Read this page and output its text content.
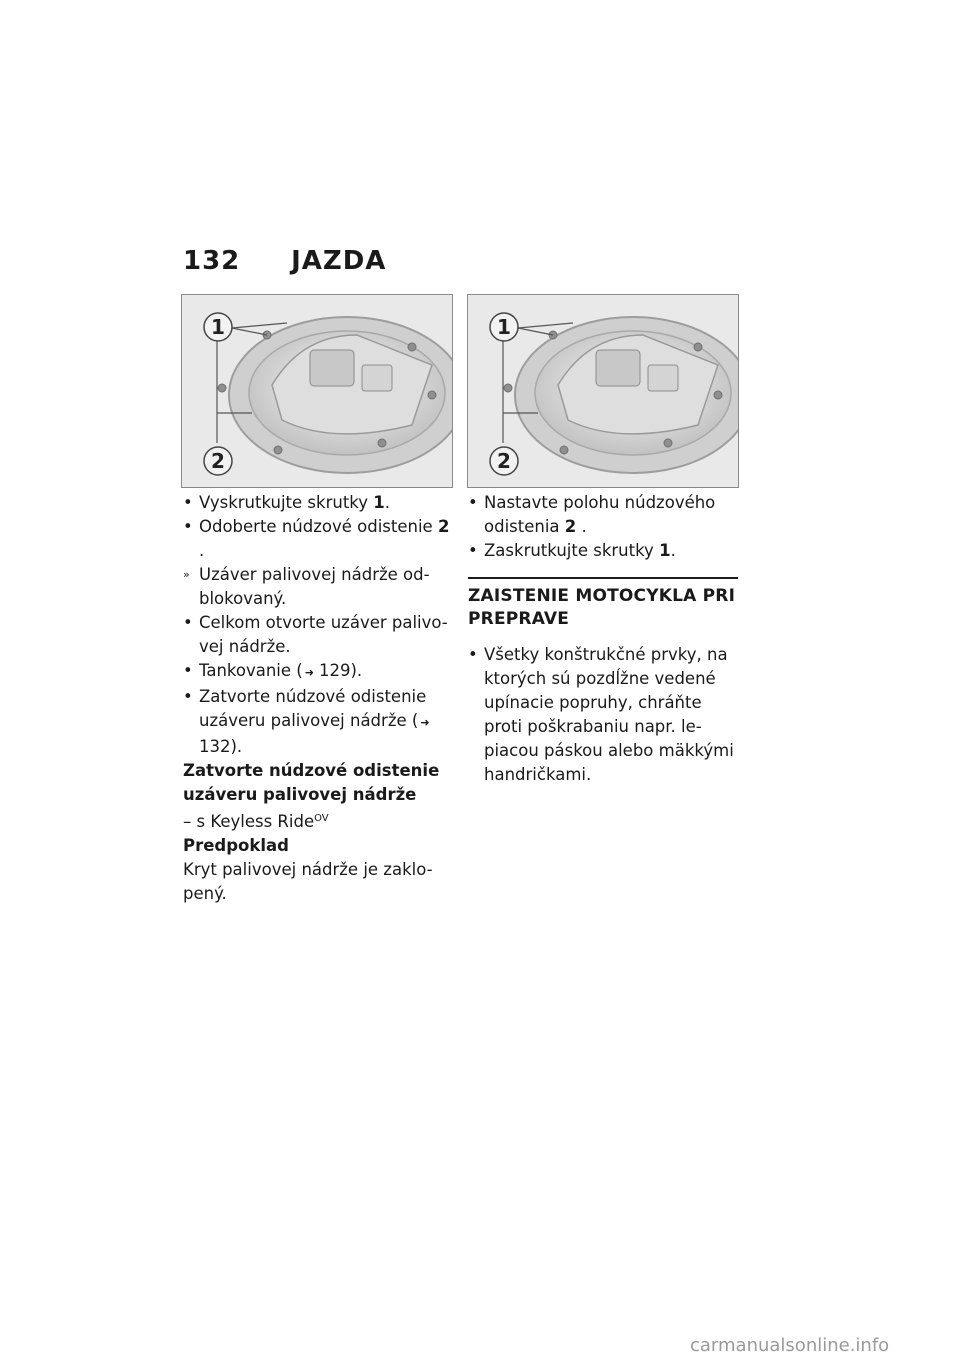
132 JAZDA
1
2
1
2

• Vyskrutkujte skrutky 1.

• Odoberte núdzové odistenie 2
.

» Uzáver palivovej nádrže od-blokovaný.

• Celkom otvorte uzáver palivo-vej nádrže.

• Tankovanie ( ➜ 129).

• Zatvorte núdzové odistenie uzáveru palivovej nádrže ( ➜132).

Zatvorte núdzové odistenie uzáveru palivovej nádrže

– s Keyless Ride$^{OV}$

Predpoklad

Kryt palivovej nádrže je zaklo-pený.

• Nastavte polohu núdzového odistenia 2 .

• Zaskrutkujte skrutky 1.

ZAISTENIE MOTOCYKLA PRI PREPRAVE

• Všetky konštrukčné prvky, na ktorých sú pozdĺžne vedené upínacie popruhy, chráňte proti poškrabaniu napr. le-piacou páskou alebo mäkkými handričkami.

carmanualsonline.info
